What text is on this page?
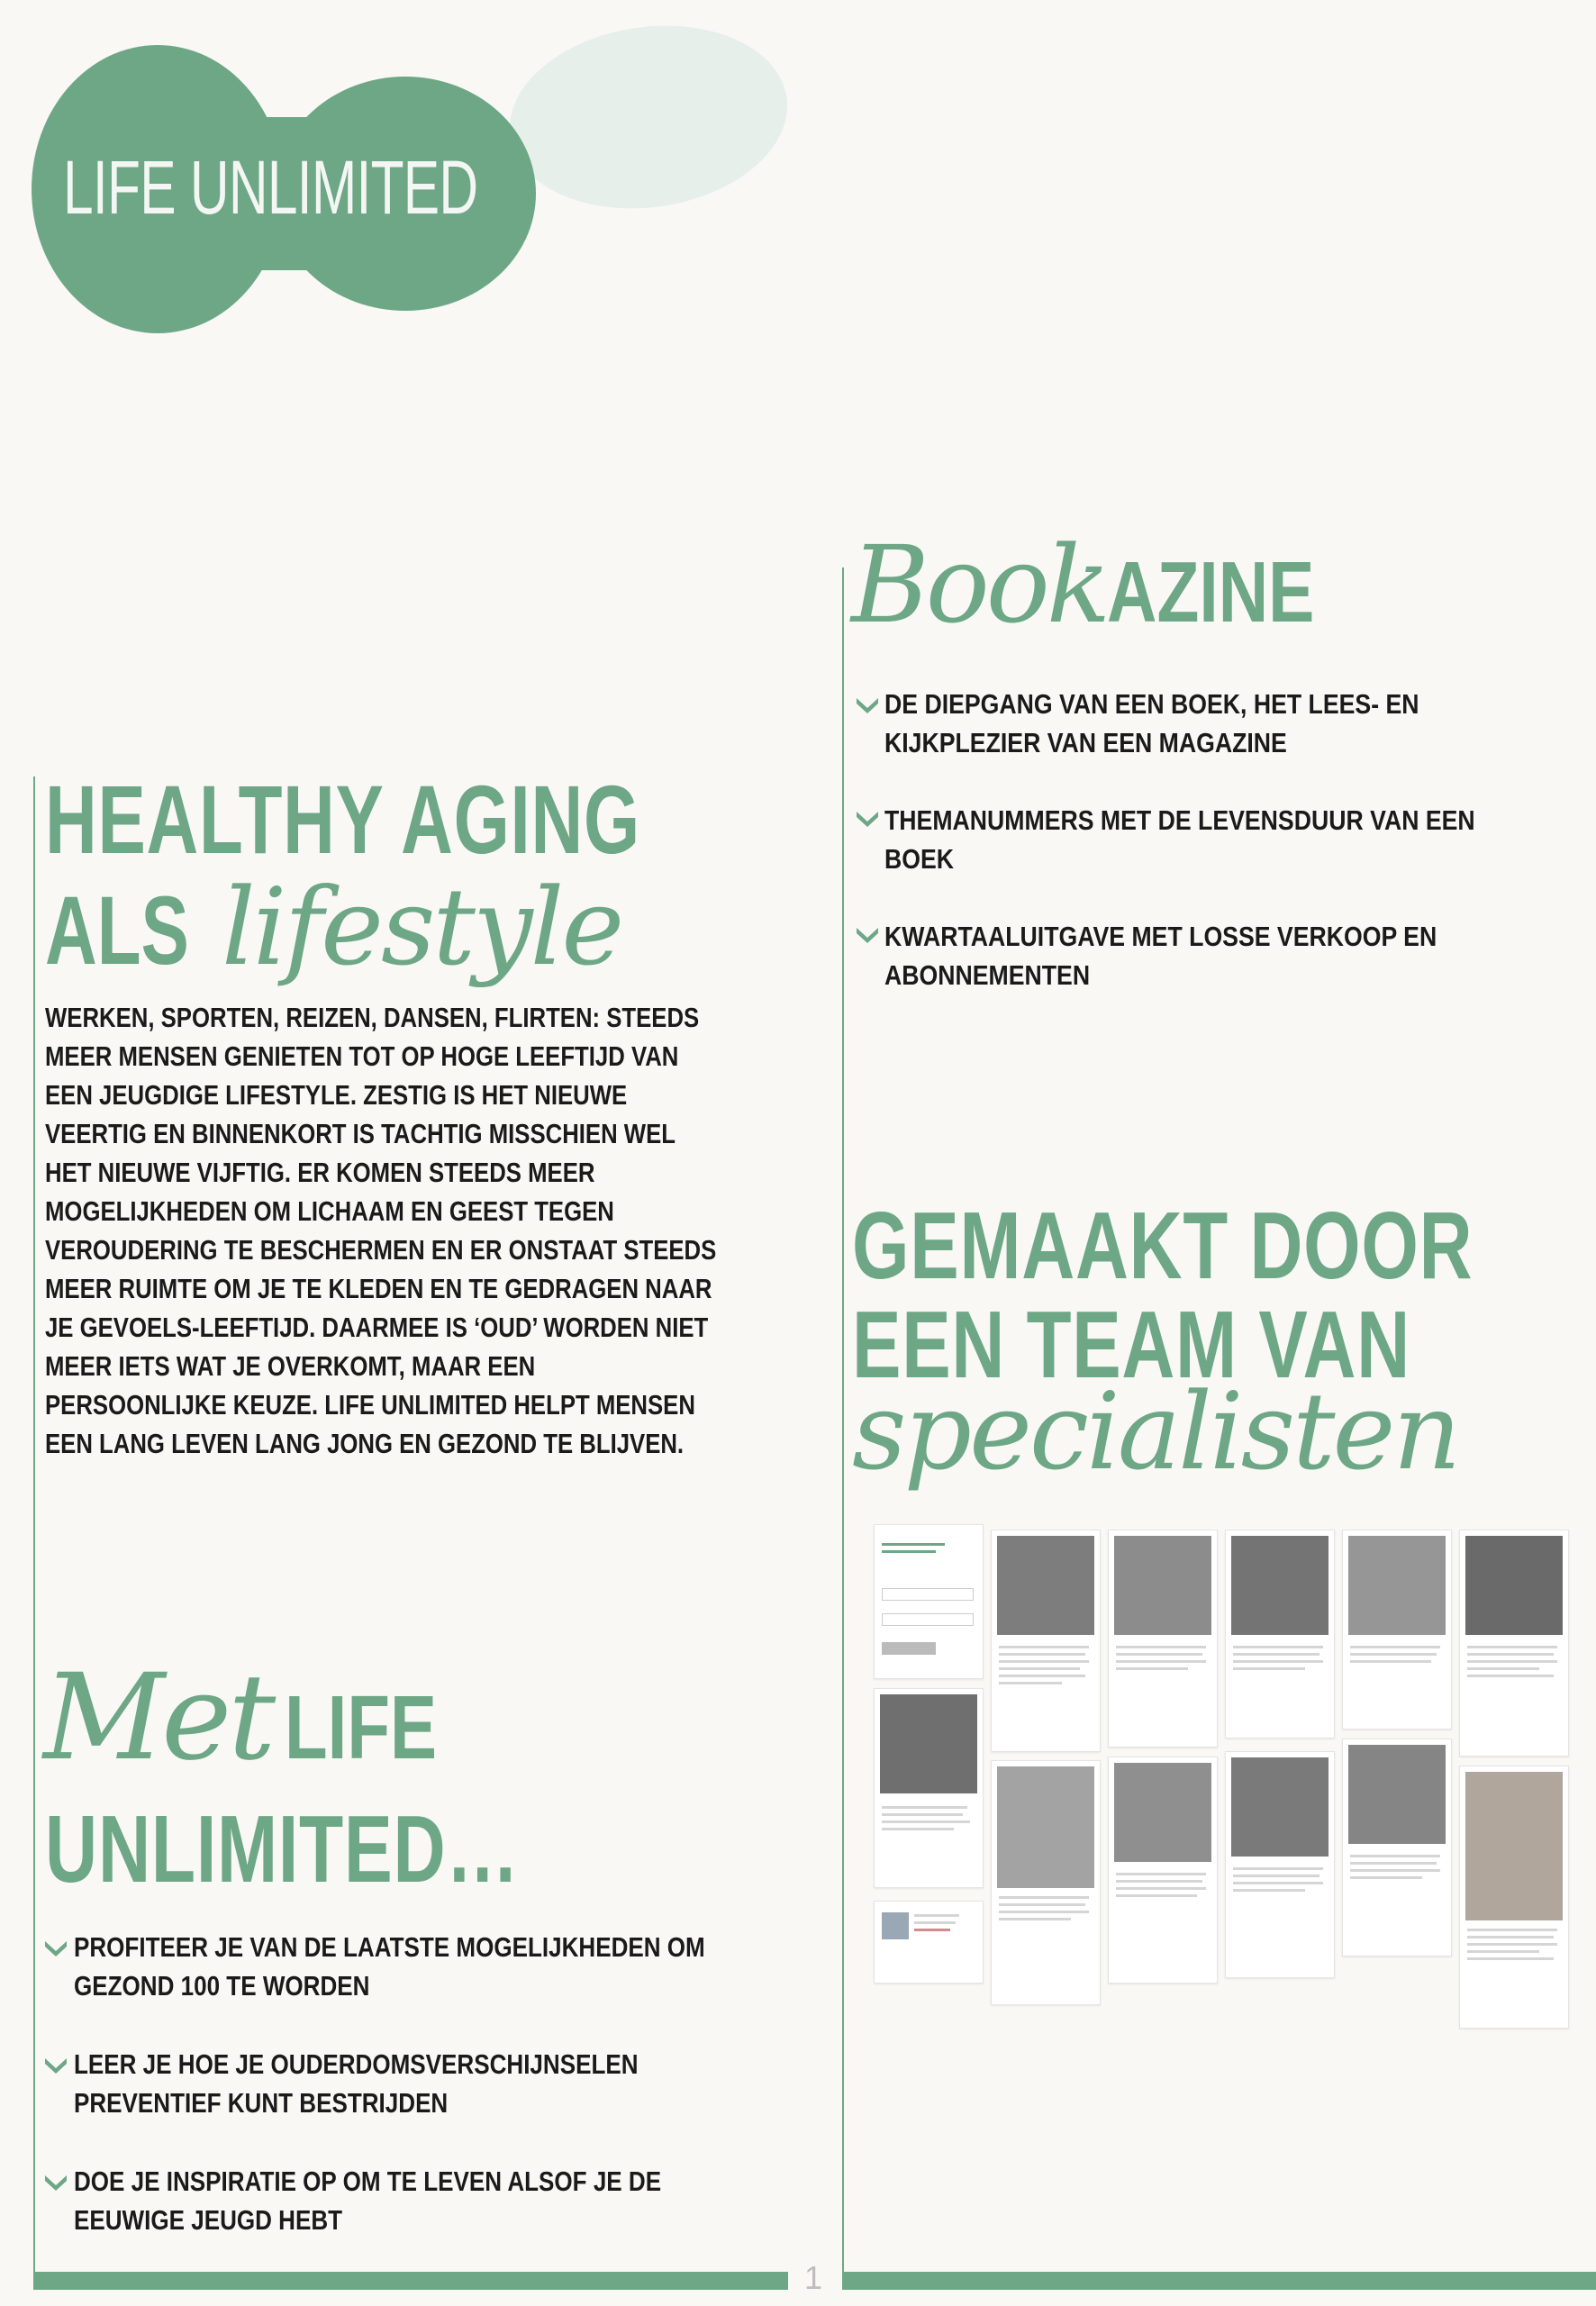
LIFE UNLIMITED
BookAZINE
DE DIEPGANG VAN EEN BOEK, HET LEES- EN KIJKPLEZIER VAN EEN MAGAZINE
THEMANUMMERS MET DE LEVENSDUUR VAN EEN BOEK
KWARTAALUITGAVE MET LOSSE VERKOOP EN ABONNEMENTEN
HEALTHY AGING
ALS lifestyle
WERKEN, SPORTEN, REIZEN, DANSEN, FLIRTEN: STEEDS MEER MENSEN GENIETEN TOT OP HOGE LEEFTIJD VAN EEN JEUGDIGE LIFESTYLE. ZESTIG IS HET NIEUWE VEERTIG EN BINNENKORT IS TACHTIG MISSCHIEN WEL HET NIEUWE VIJFTIG. ER KOMEN STEEDS MEER MOGELIJKHEDEN OM LICHAAM EN GEEST TEGEN VEROUDERING TE BESCHERMEN EN ER ONSTAAT STEEDS MEER RUIMTE OM JE TE KLEDEN EN TE GEDRAGEN NAAR JE GEVOELS-LEEFTIJD. DAARMEE IS ‘OUD’ WORDEN NIET MEER IETS WAT JE OVERKOMT, MAAR EEN PERSOONLIJKE KEUZE. LIFE UNLIMITED HELPT MENSEN EEN LANG LEVEN LANG JONG EN GEZOND TE BLIJVEN.
GEMAAKT DOOR
EEN TEAM VAN
specialisten
Met LIFE
UNLIMITED…
PROFITEER JE VAN DE LAATSTE MOGELIJKHEDEN OM GEZOND 100 TE WORDEN
LEER JE HOE JE OUDERDOMSVERSCHIJNSELEN PREVENTIEF KUNT BESTRIJDEN
DOE JE INSPIRATIE OP OM TE LEVEN ALSOF JE DE EEUWIGE JEUGD HEBT
1
